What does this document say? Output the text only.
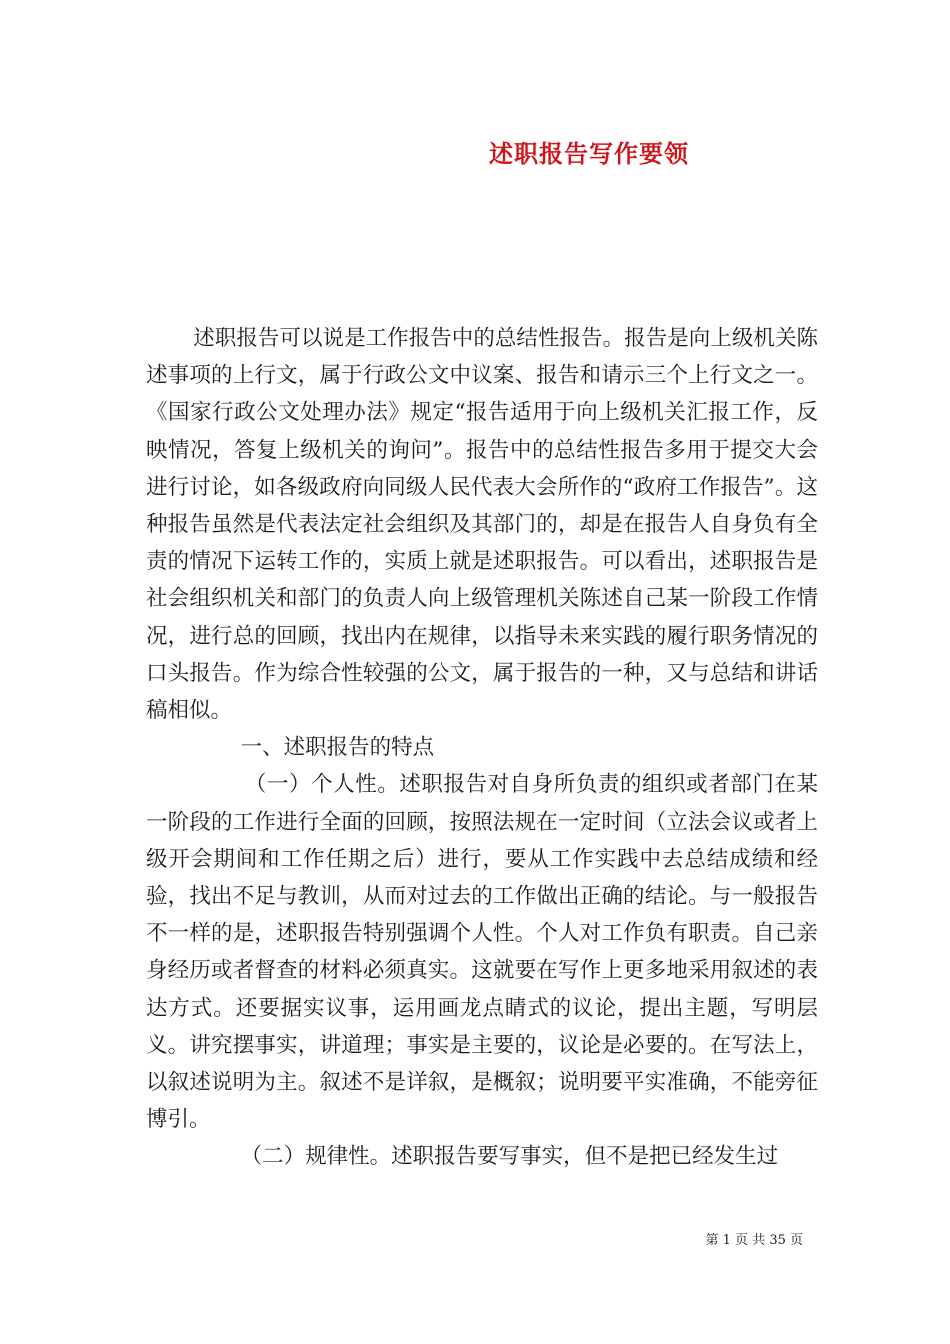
述职报告写作要领

述职报告可以说是工作报告中的总结性报告。报告是向上级机关陈述事项的上行文，属于行政公文中议案、报告和请示三个上行文之一。《国家行政公文处理办法》规定“报告适用于向上级机关汇报工作，反映情况，答复上级机关的询问”。报告中的总结性报告多用于提交大会进行讨论，如各级政府向同级人民代表大会所作的“政府工作报告”。这种报告虽然是代表法定社会组织及其部门的，却是在报告人自身负有全责的情况下运转工作的，实质上就是述职报告。可以看出，述职报告是社会组织机关和部门的负责人向上级管理机关陈述自己某一阶段工作情况，进行总的回顾，找出内在规律，以指导未来实践的履行职务情况的口头报告。作为综合性较强的公文，属于报告的一种，又与总结和讲话稿相似。

一、述职报告的特点

（一）个人性。述职报告对自身所负责的组织或者部门在某一阶段的工作进行全面的回顾，按照法规在一定时间（立法会议或者上级开会期间和工作任期之后）进行，要从工作实践中去总结成绩和经验，找出不足与教训，从而对过去的工作做出正确的结论。与一般报告不一样的是，述职报告特别强调个人性。个人对工作负有职责。自己亲身经历或者督查的材料必须真实。这就要在写作上更多地采用叙述的表达方式。还要据实议事，运用画龙点睛式的议论，提出主题，写明层义。讲究摆事实，讲道理；事实是主要的，议论是必要的。在写法上，以叙述说明为主。叙述不是详叙，是概叙；说明要平实准确，不能旁征博引。

（二）规律性。述职报告要写事实，但不是把已经发生过

第 1 页 共 35 页
